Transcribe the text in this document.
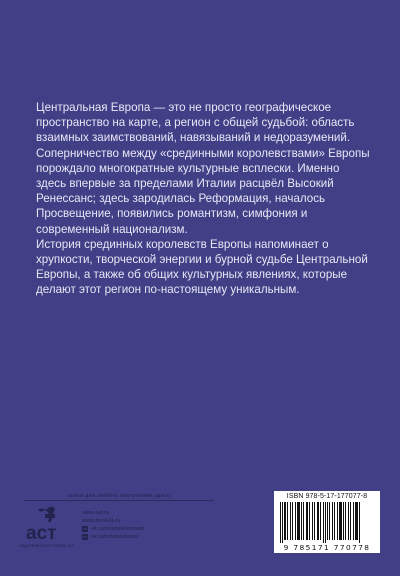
Центральная Европа — это не просто географическое пространство на карте, а регион с общей судьбой: область взаимных заимствований, навязываний и недоразумений. Соперничество между «срединными королевствами» Европы порождало многократные культурные всплески. Именно здесь впервые за пределами Италии расцвёл Высокий Ренессанс; здесь зародилась Реформация, началось Просвещение, появились романтизм, симфония и современный национализм.

История срединных королевств Европы напоминает о хрупкости, творческой энергии и бурной судьбе Центральной Европы, а также об общих культурных явлениях, которые делают этот регион по-настоящему уникальным.

книги для любого настроения здесь
аст
ИЗДАТЕЛЬСКАЯ ГРУППА АСТ
www.ast.ru
www.book24.ru
vk vk.com/izdatelstvoast
ok ok.ru/izdatelstvoast
ISBN 978-5-17-177077-8
9 785171 770778
